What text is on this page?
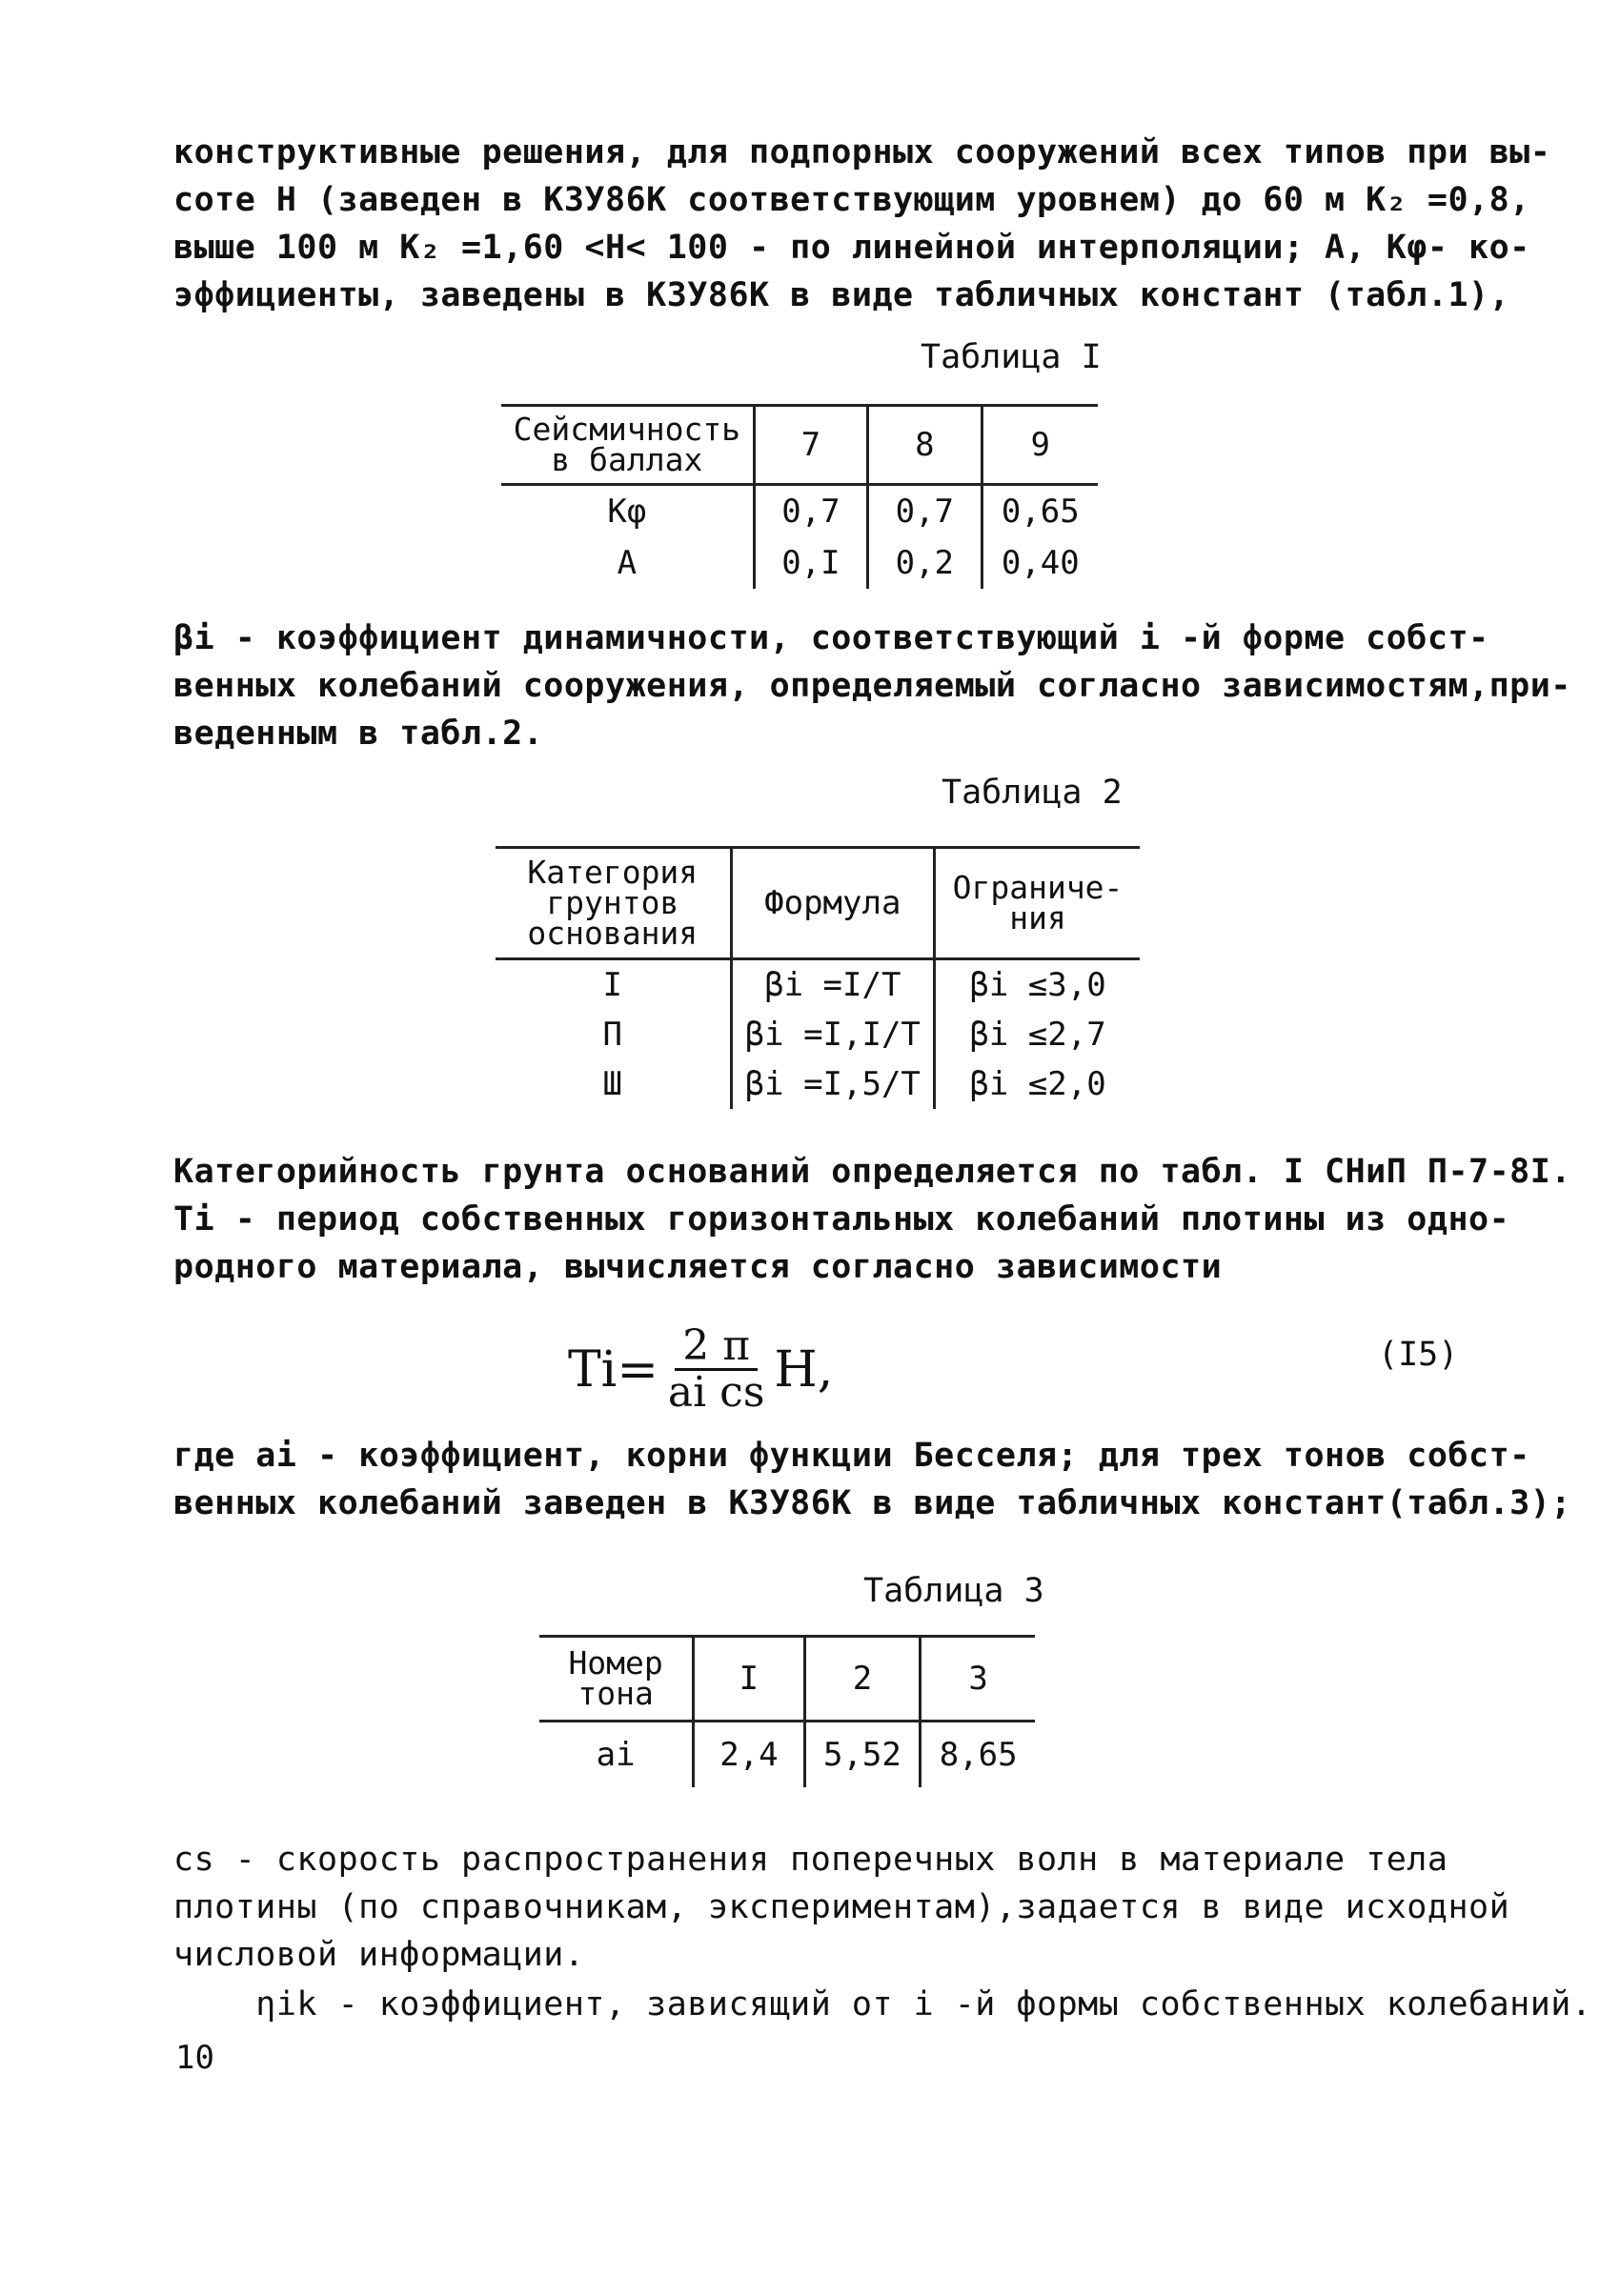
конструктивные решения, для подпорных сооружений всех типов при вы-
соте H (заведен в КЗУ86К соответствующим уровнем) до 60 м K₂ =0,8,
выше 100 м K₂ =1,60 <H< 100 - по линейной интерполяции; A, Kφ- ко-
эффициенты, заведены в КЗУ86К в виде табличных констант (табл.1),
Таблица I
Сейсмичность в баллах	7	8	9
Kφ	0,7	0,7	0,65
A	0,I	0,2	0,40
βi - коэффициент динамичности, соответствующий i -й форме собст-
венных колебаний сооружения, определяемый согласно зависимостям,при-
веденным в табл.2.
Таблица 2
Категория грунтов основания	Формула	Ограниче-ния
I	βi =I/T	βi ≤3,0
П	βi =I,I/T	βi ≤2,7
Ш	βi =I,5/T	βi ≤2,0
Категорийность грунта оснований определяется по табл. I СНиП П-7-8I.
Ti - период собственных горизонтальных колебаний плотины из одно-
родного материала, вычисляется согласно зависимости
$Ti= \frac{2 \pi}{\text{ai cs}} H$,	(I5)
где ai - коэффициент, корни функции Бесселя; для трех тонов собст-
венных колебаний заведен в КЗУ86К в виде табличных констант(табл.3);
Таблица 3
Номер тона	I	2	3
ai	2,4	5,52	8,65
cs - скорость распространения поперечных волн в материале тела
плотины (по справочникам, экспериментам),задается в виде исходной
числовой информации.
ηik - коэффициент, зависящий от i -й формы собственных колебаний.
10
